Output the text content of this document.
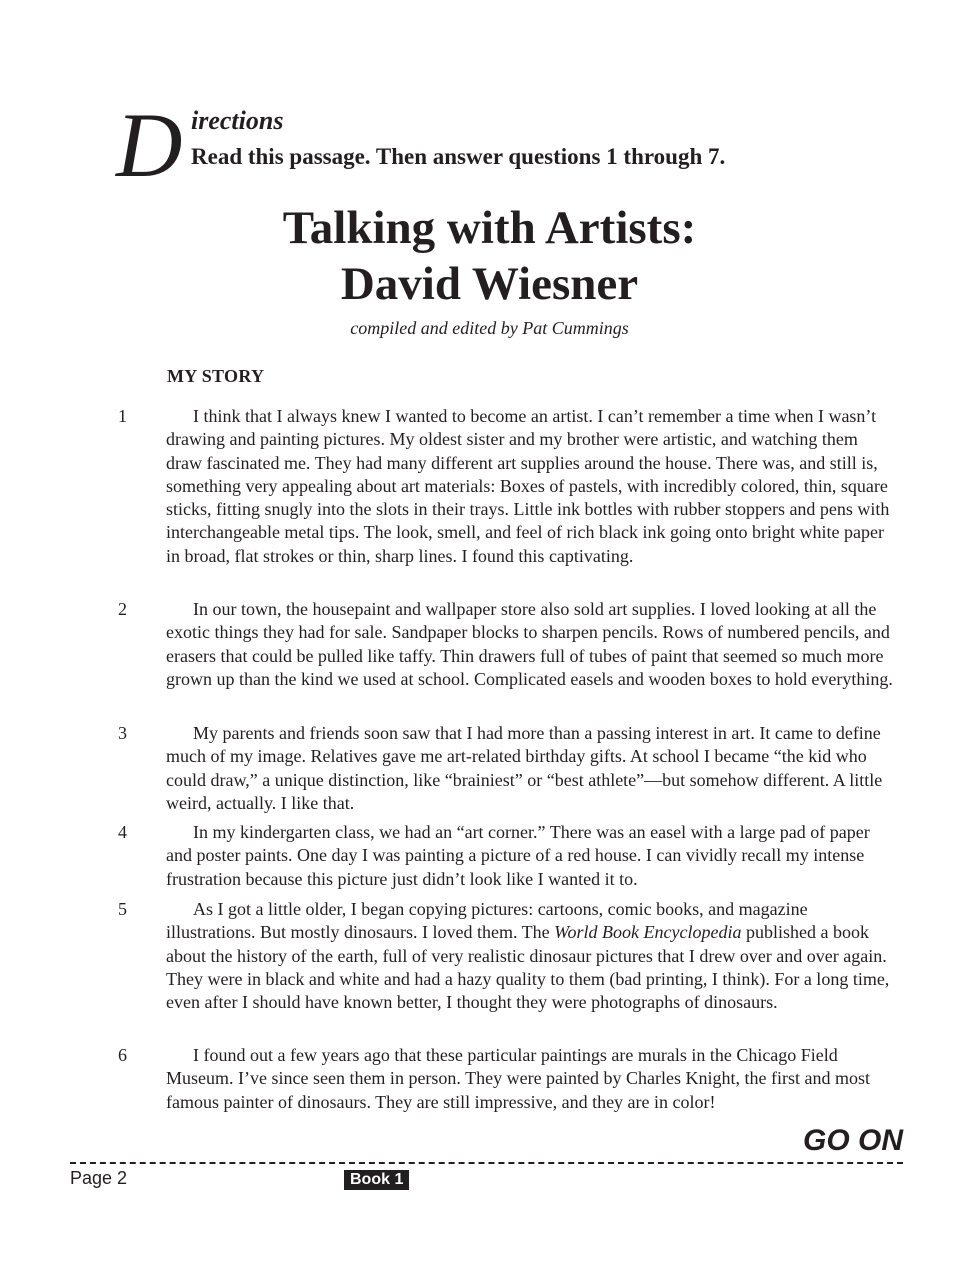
D irections
Read this passage. Then answer questions 1 through 7.
Talking with Artists:
David Wiesner
compiled and edited by Pat Cummings
MY STORY
1	I think that I always knew I wanted to become an artist. I can’t remember a time when I wasn’t drawing and painting pictures. My oldest sister and my brother were artistic, and watching them draw fascinated me. They had many different art supplies around the house. There was, and still is, something very appealing about art materials: Boxes of pastels, with incredibly colored, thin, square sticks, fitting snugly into the slots in their trays. Little ink bottles with rubber stoppers and pens with interchangeable metal tips. The look, smell, and feel of rich black ink going onto bright white paper in broad, flat strokes or thin, sharp lines. I found this captivating.
2	In our town, the housepaint and wallpaper store also sold art supplies. I loved looking at all the exotic things they had for sale. Sandpaper blocks to sharpen pencils. Rows of numbered pencils, and erasers that could be pulled like taffy. Thin drawers full of tubes of paint that seemed so much more grown up than the kind we used at school. Complicated easels and wooden boxes to hold everything.
3	My parents and friends soon saw that I had more than a passing interest in art. It came to define much of my image. Relatives gave me art-related birthday gifts. At school I became “the kid who could draw,” a unique distinction, like “brainiest” or “best athlete”—but somehow different. A little weird, actually. I like that.
4	In my kindergarten class, we had an “art corner.” There was an easel with a large pad of paper and poster paints. One day I was painting a picture of a red house. I can vividly recall my intense frustration because this picture just didn’t look like I wanted it to.
5	As I got a little older, I began copying pictures: cartoons, comic books, and magazine illustrations. But mostly dinosaurs. I loved them. The World Book Encyclopedia published a book about the history of the earth, full of very realistic dinosaur pictures that I drew over and over again. They were in black and white and had a hazy quality to them (bad printing, I think). For a long time, even after I should have known better, I thought they were photographs of dinosaurs.
6	I found out a few years ago that these particular paintings are murals in the Chicago Field Museum. I’ve since seen them in person. They were painted by Charles Knight, the first and most famous painter of dinosaurs. They are still impressive, and they are in color!
GO ON
Page 2	Book 1
